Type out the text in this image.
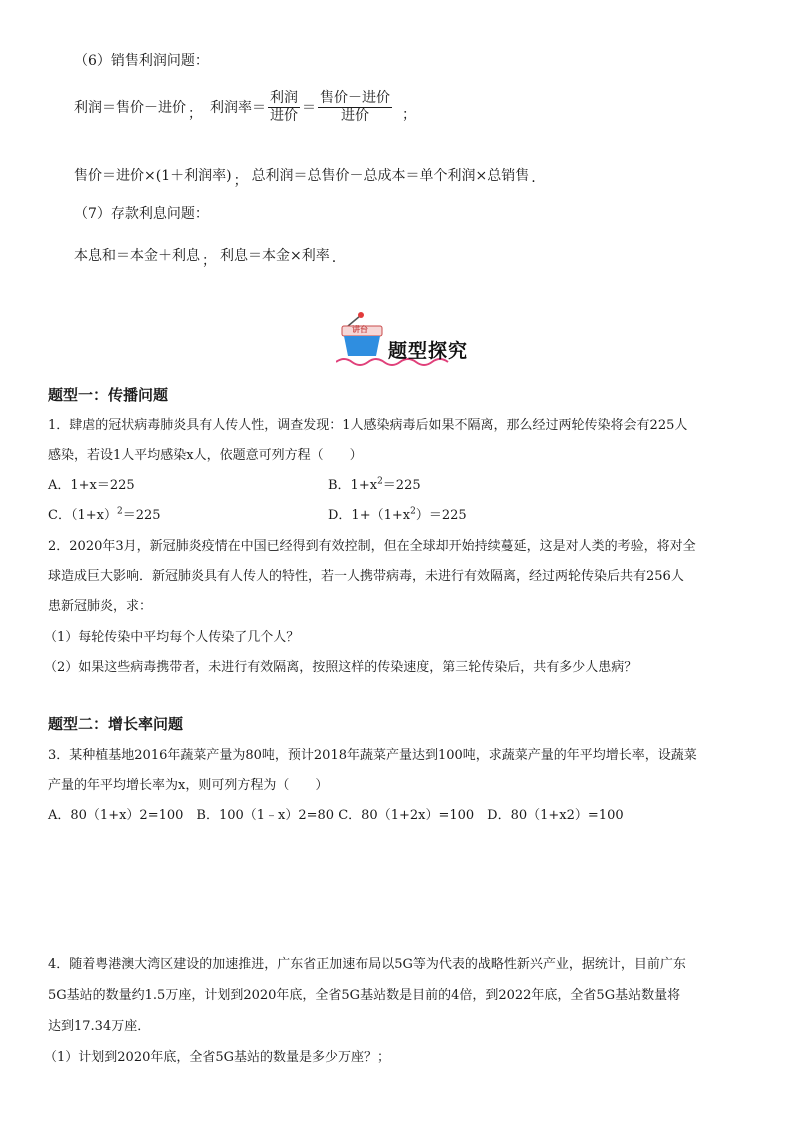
（6）销售利润问题：
利润＝售价－进价 ； 利润率＝ $\frac{\text{利润}}{\text{进价}} = \frac{\text{售价－进价}}{\text{进价}}$ ；
售价＝进价×(1＋利润率) ； 总利润＝总售价－总成本＝单个利润×总销售 .
（7）存款利息问题：
本息和＝本金＋利息 ； 利息＝本金×利率 .
讲台
题型探究
题型一：传播问题
1．肆虐的冠状病毒肺炎具有人传人性，调查发现：1人感染病毒后如果不隔离，那么经过两轮传染将会有225人
感染，若设1人平均感染x人，依题意可列方程（　　）
A．1+x＝225	B．$1+x^2=225$
C．$(1+x)^2=225$	D．$1+(1+x^2)=225$
2．2020年3月，新冠肺炎疫情在中国已经得到有效控制，但在全球却开始持续蔓延，这是对人类的考验，将对全
球造成巨大影响．新冠肺炎具有人传人的特性，若一人携带病毒，未进行有效隔离，经过两轮传染后共有256人
患新冠肺炎，求：
（1）每轮传染中平均每个人传染了几个人？
（2）如果这些病毒携带者，未进行有效隔离，按照这样的传染速度，第三轮传染后，共有多少人患病？
题型二：增长率问题
3．某种植基地2016年蔬菜产量为80吨，预计2018年蔬菜产量达到100吨，求蔬菜产量的年平均增长率，设蔬菜
产量的年平均增长率为x，则可列方程为（　　）
A．80（1+x）2=100　B．100（1﹣x）2=80 C．80（1+2x）=100　D．80（1+x2）=100
4．随着粤港澳大湾区建设的加速推进，广东省正加速布局以5G等为代表的战略性新兴产业，据统计，目前广东
5G基站的数量约1.5万座，计划到2020年底，全省5G基站数是目前的4倍，到2022年底，全省5G基站数量将
达到17.34万座．
（1）计划到2020年底，全省5G基站的数量是多少万座？；
